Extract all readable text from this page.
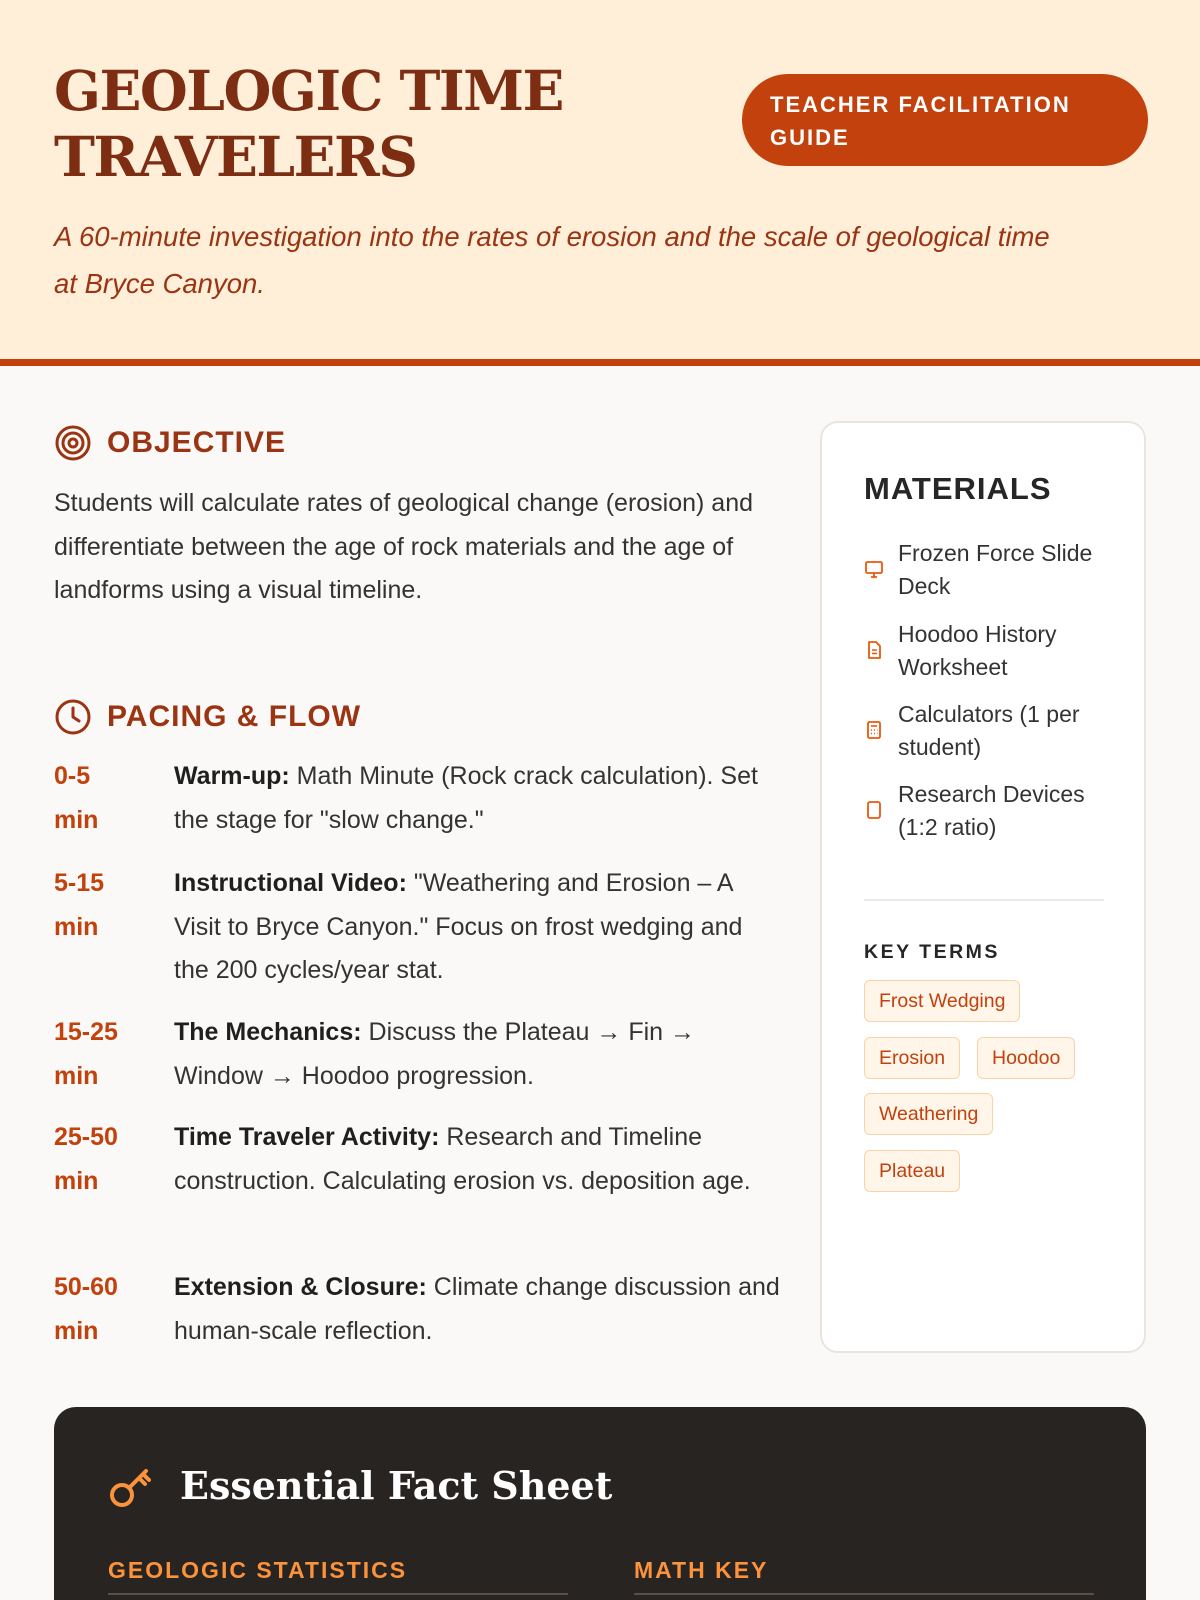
GEOLOGIC TIME
TRAVELERS
TEACHER FACILITATION
GUIDE
A 60-minute investigation into the rates of erosion and the scale of geological time at Bryce Canyon.
OBJECTIVE
Students will calculate rates of geological change (erosion) and differentiate between the age of rock materials and the age of landforms using a visual timeline.
PACING & FLOW
0-5
min
Warm-up: Math Minute (Rock crack calculation). Set the stage for "slow change."
5-15
min
Instructional Video: "Weathering and Erosion – A Visit to Bryce Canyon." Focus on frost wedging and the 200 cycles/year stat.
15-25
min
The Mechanics: Discuss the Plateau → Fin → Window → Hoodoo progression.
25-50
min
Time Traveler Activity: Research and Timeline construction. Calculating erosion vs. deposition age.
50-60
min
Extension & Closure: Climate change discussion and human-scale reflection.
MATERIALS
Frozen Force Slide Deck
Hoodoo History Worksheet
Calculators (1 per student)
Research Devices (1:2 ratio)
KEY TERMS
Frost Wedging
Erosion	Hoodoo
Weathering
Plateau
Essential Fact Sheet
GEOLOGIC STATISTICS	MATH KEY
